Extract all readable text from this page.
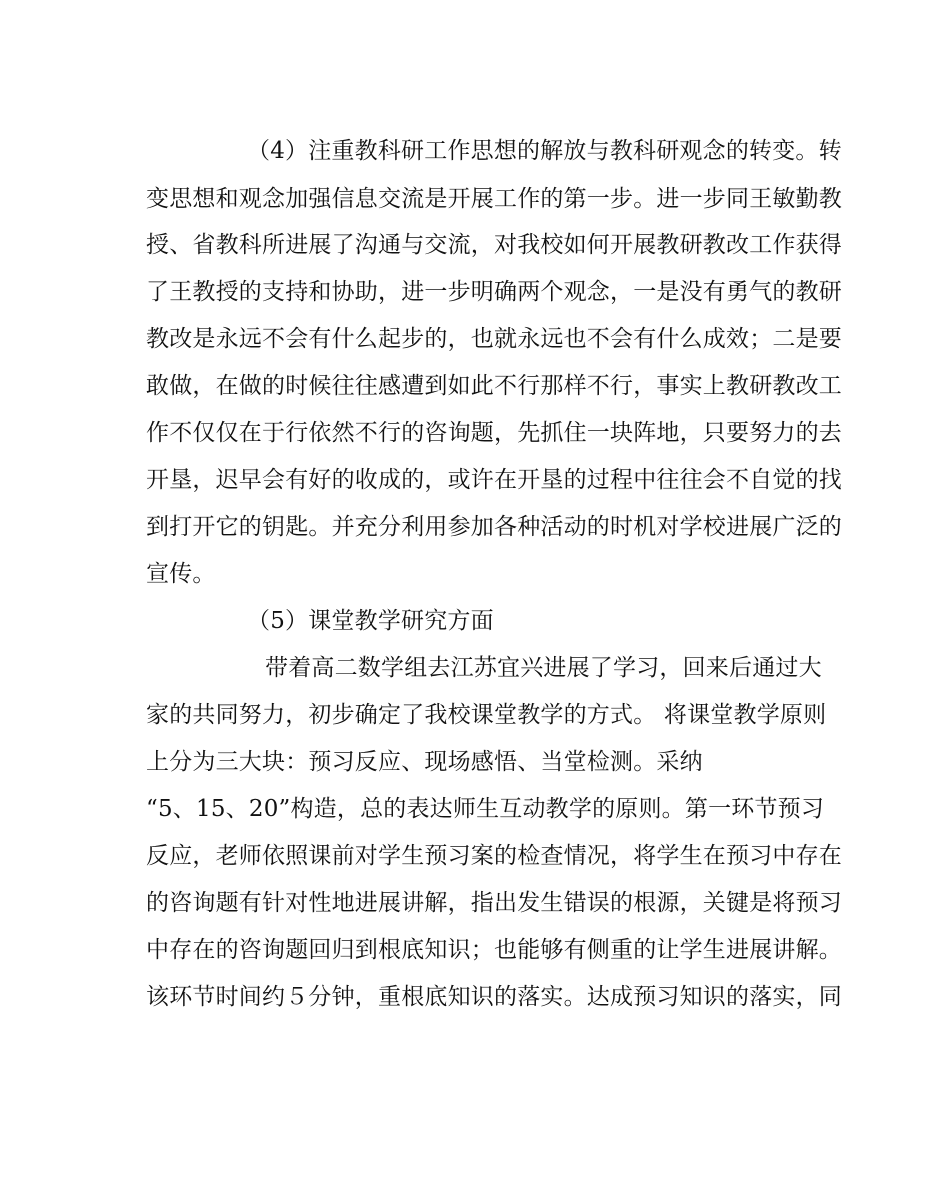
（4）注重教科研工作思想的解放与教科研观念的转变。转
变思想和观念加强信息交流是开展工作的第一步。进一步同王敏勤教
授、省教科所进展了沟通与交流，对我校如何开展教研教改工作获得
了王教授的支持和协助，进一步明确两个观念，一是没有勇气的教研
教改是永远不会有什么起步的，也就永远也不会有什么成效；二是要
敢做，在做的时候往往感遭到如此不行那样不行，事实上教研教改工
作不仅仅在于行依然不行的咨询题，先抓住一块阵地，只要努力的去
开垦，迟早会有好的收成的，或许在开垦的过程中往往会不自觉的找
到打开它的钥匙。并充分利用参加各种活动的时机对学校进展广泛的
宣传。
（5）课堂教学研究方面
带着高二数学组去江苏宜兴进展了学习，回来后通过大
家的共同努力，初步确定了我校课堂教学的方式。 将课堂教学原则
上分为三大块：预习反应、现场感悟、当堂检测。采纳
“5、15、20”构造，总的表达师生互动教学的原则。第一环节预习
反应，老师依照课前对学生预习案的检查情况，将学生在预习中存在
的咨询题有针对性地进展讲解，指出发生错误的根源，关键是将预习
中存在的咨询题回归到根底知识；也能够有侧重的让学生进展讲解。
该环节时间约５分钟，重根底知识的落实。达成预习知识的落实，同
